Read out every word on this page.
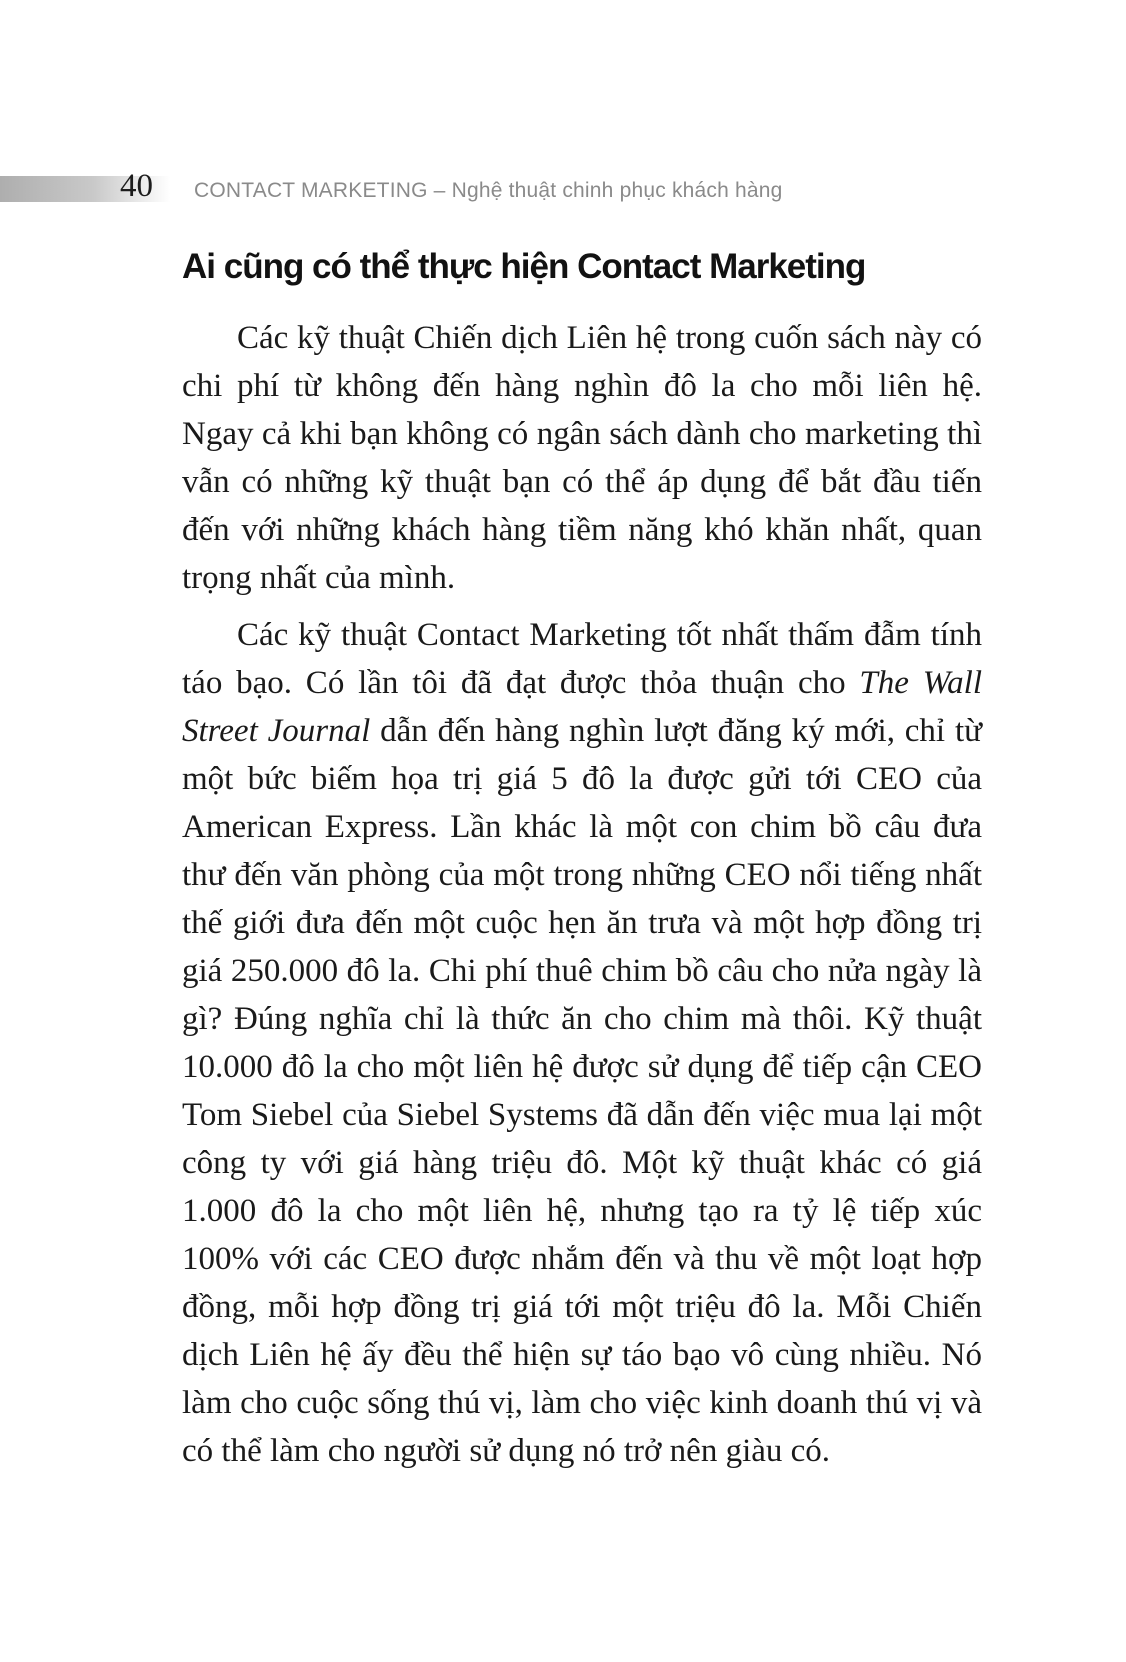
40 CONTACT MARKETING – Nghệ thuật chinh phục khách hàng
Ai cũng có thể thực hiện Contact Marketing

Các kỹ thuật Chiến dịch Liên hệ trong cuốn sách này có chi phí từ không đến hàng nghìn đô la cho mỗi liên hệ. Ngay cả khi bạn không có ngân sách dành cho marketing thì vẫn có những kỹ thuật bạn có thể áp dụng để bắt đầu tiến đến với những khách hàng tiềm năng khó khăn nhất, quan trọng nhất của mình.

Các kỹ thuật Contact Marketing tốt nhất thấm đẫm tính táo bạo. Có lần tôi đã đạt được thỏa thuận cho The Wall Street Journal dẫn đến hàng nghìn lượt đăng ký mới, chỉ từ một bức biếm họa trị giá 5 đô la được gửi tới CEO của American Express. Lần khác là một con chim bồ câu đưa thư đến văn phòng của một trong những CEO nổi tiếng nhất thế giới đưa đến một cuộc hẹn ăn trưa và một hợp đồng trị giá 250.000 đô la. Chi phí thuê chim bồ câu cho nửa ngày là gì? Đúng nghĩa chỉ là thức ăn cho chim mà thôi. Kỹ thuật 10.000 đô la cho một liên hệ được sử dụng để tiếp cận CEO Tom Siebel của Siebel Systems đã dẫn đến việc mua lại một công ty với giá hàng triệu đô. Một kỹ thuật khác có giá 1.000 đô la cho một liên hệ, nhưng tạo ra tỷ lệ tiếp xúc 100% với các CEO được nhắm đến và thu về một loạt hợp đồng, mỗi hợp đồng trị giá tới một triệu đô la. Mỗi Chiến dịch Liên hệ ấy đều thể hiện sự táo bạo vô cùng nhiều. Nó làm cho cuộc sống thú vị, làm cho việc kinh doanh thú vị và có thể làm cho người sử dụng nó trở nên giàu có.
